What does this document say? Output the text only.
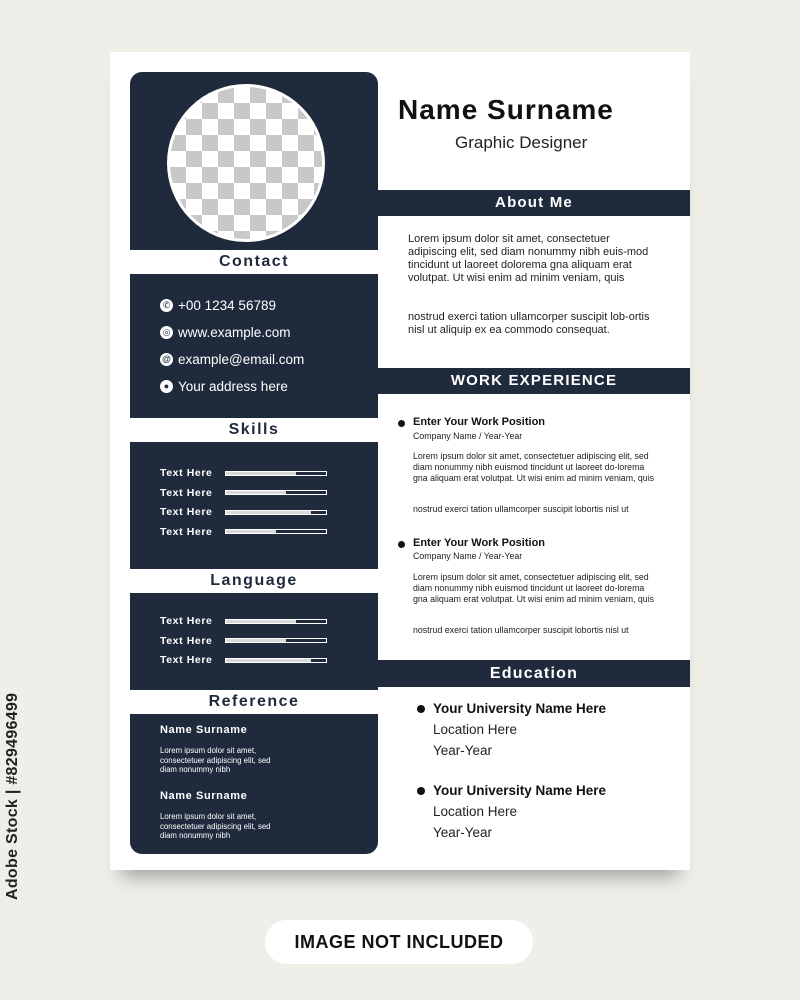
Contact
✆ +00 1234 56789
◎ www.example.com
@ example@email.com
● Your address here
Skills
Text Here
Text Here
Text Here
Text Here
Language
Text Here
Text Here
Text Here
Reference
Name Surname
Lorem ipsum dolor sit amet, consectetuer adipiscing elit, sed diam nonummy nibh
Name Surname
Lorem ipsum dolor sit amet, consectetuer adipiscing elit, sed diam nonummy nibh
Name Surname
Graphic Designer
About Me
Lorem ipsum dolor sit amet, consectetuer adipiscing elit, sed diam nonummy nibh euis-mod tincidunt ut laoreet dolorema gna aliquam erat volutpat. Ut wisi enim ad minim veniam, quis
nostrud exerci tation ullamcorper suscipit lob-ortis nisl ut aliquip ex ea commodo consequat.
WORK EXPERIENCE
Enter Your Work Position
Company Name / Year-Year
Lorem ipsum dolor sit amet, consectetuer adipiscing elit, sed diam nonummy nibh euismod tincidunt ut laoreet do-lorema gna aliquam erat volutpat. Ut wisi enim ad minim veniam, quis
nostrud exerci tation ullamcorper suscipit lobortis nisl ut
Enter Your Work Position
Company Name / Year-Year
Lorem ipsum dolor sit amet, consectetuer adipiscing elit, sed diam nonummy nibh euismod tincidunt ut laoreet do-lorema gna aliquam erat volutpat. Ut wisi enim ad minim veniam, quis
nostrud exerci tation ullamcorper suscipit lobortis nisl ut
Education
Your University Name Here
Location Here
Year-Year
Your University Name Here
Location Here
Year-Year
IMAGE NOT INCLUDED
Adobe Stock | #829496499
